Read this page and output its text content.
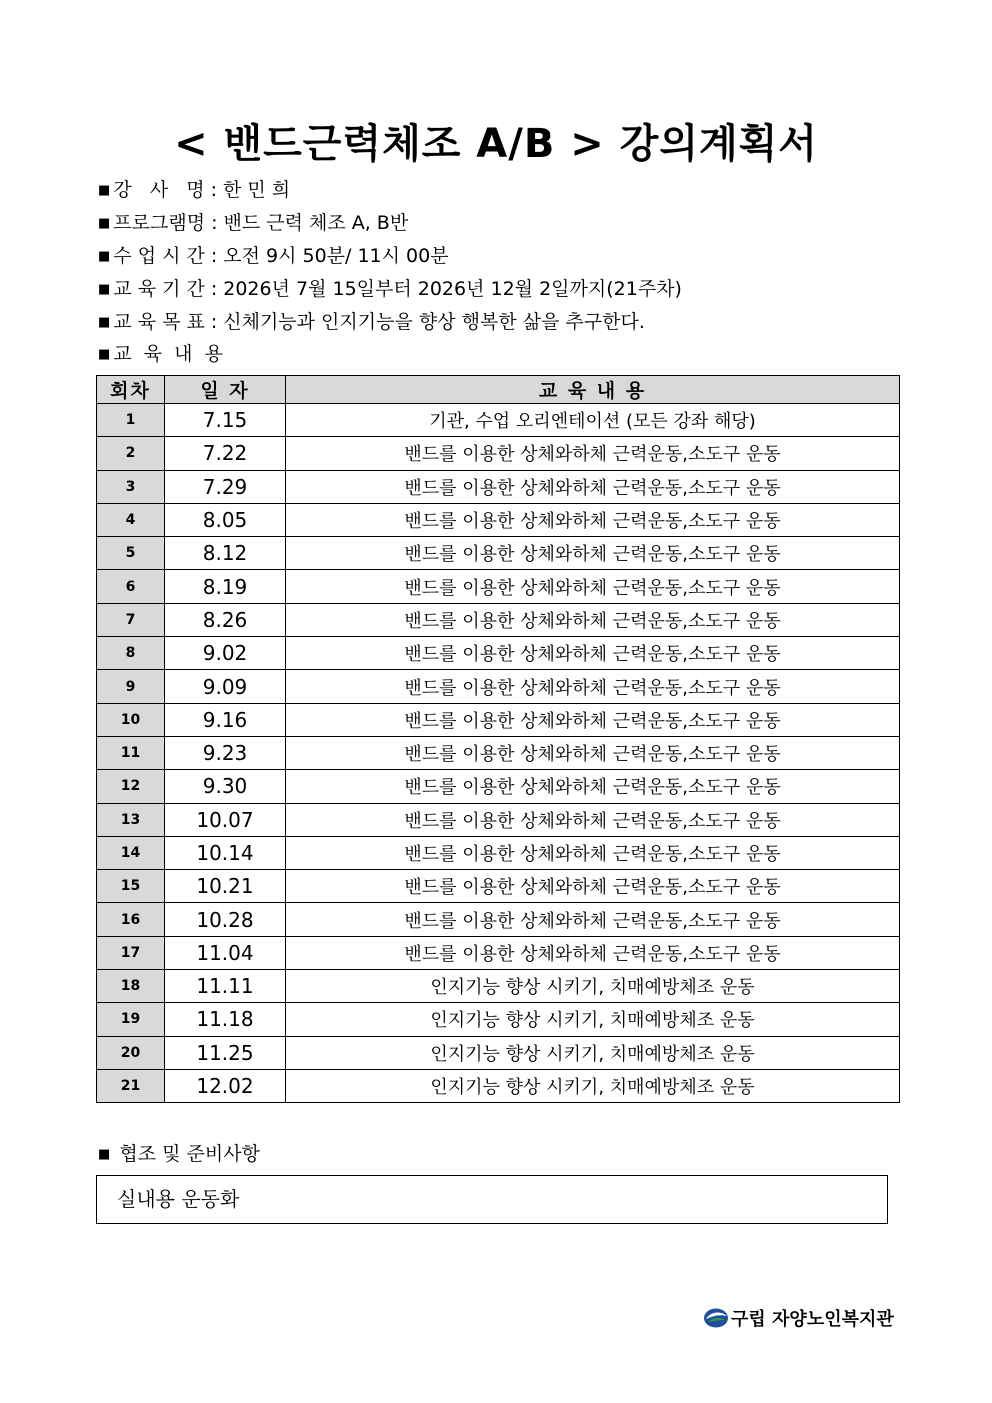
< 밴드근력체조 A/B > 강의계획서
■ 강   사   명 : 한 민 희
■ 프로그램명 : 밴드 근력 체조 A, B반
■ 수 업 시 간 : 오전 9시 50분/ 11시 00분
■ 교 육 기 간 : 2026년 7월 15일부터 2026년 12월 2일까지(21주차)
■ 교 육 목 표 : 신체기능과 인지기능을 향상 행복한 삶을 추구한다.
■ 교  육  내  용
회차	일 자	교 육 내 용
1	7.15	기관, 수업 오리엔테이션 (모든 강좌 해당)
2	7.22	밴드를 이용한 상체와하체 근력운동,소도구 운동
3	7.29	밴드를 이용한 상체와하체 근력운동,소도구 운동
4	8.05	밴드를 이용한 상체와하체 근력운동,소도구 운동
5	8.12	밴드를 이용한 상체와하체 근력운동,소도구 운동
6	8.19	밴드를 이용한 상체와하체 근력운동,소도구 운동
7	8.26	밴드를 이용한 상체와하체 근력운동,소도구 운동
8	9.02	밴드를 이용한 상체와하체 근력운동,소도구 운동
9	9.09	밴드를 이용한 상체와하체 근력운동,소도구 운동
10	9.16	밴드를 이용한 상체와하체 근력운동,소도구 운동
11	9.23	밴드를 이용한 상체와하체 근력운동,소도구 운동
12	9.30	밴드를 이용한 상체와하체 근력운동,소도구 운동
13	10.07	밴드를 이용한 상체와하체 근력운동,소도구 운동
14	10.14	밴드를 이용한 상체와하체 근력운동,소도구 운동
15	10.21	밴드를 이용한 상체와하체 근력운동,소도구 운동
16	10.28	밴드를 이용한 상체와하체 근력운동,소도구 운동
17	11.04	밴드를 이용한 상체와하체 근력운동,소도구 운동
18	11.11	인지기능 향상 시키기, 치매예방체조 운동
19	11.18	인지기능 향상 시키기, 치매예방체조 운동
20	11.25	인지기능 향상 시키기, 치매예방체조 운동
21	12.02	인지기능 향상 시키기, 치매예방체조 운동
■ 협조 및 준비사항
실내용 운동화
구립 자양노인복지관
